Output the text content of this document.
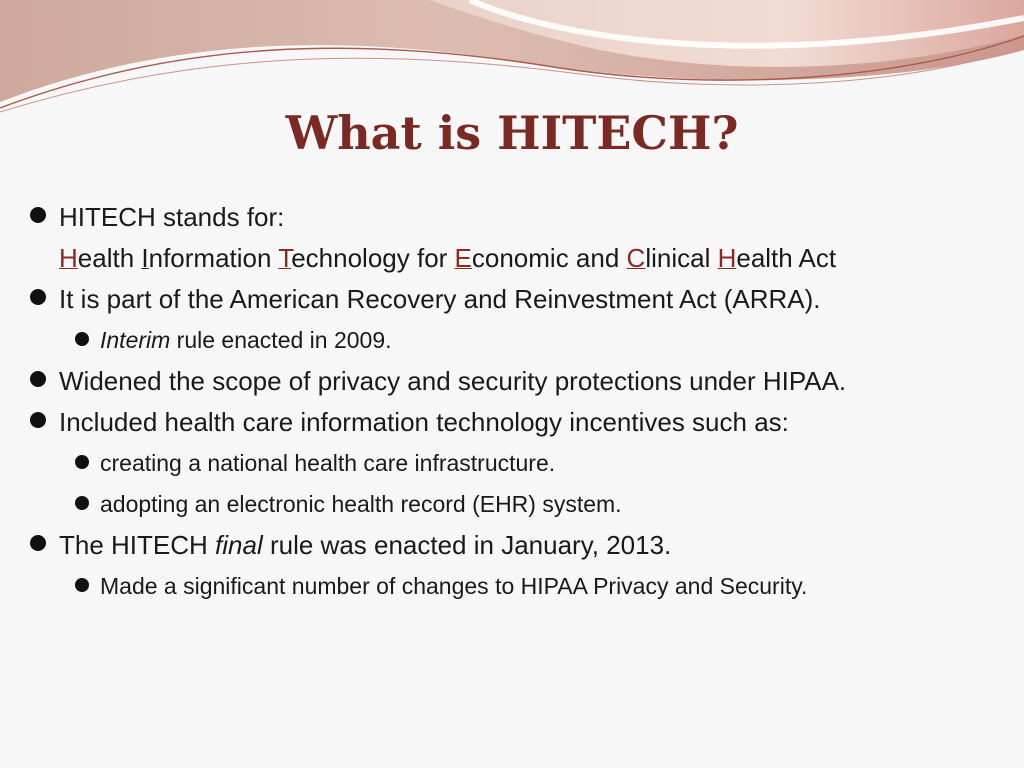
What is HITECH?
HITECH stands for:
Health Information Technology for Economic and Clinical Health Act
It is part of the American Recovery and Reinvestment Act (ARRA).
Interim rule enacted in 2009.
Widened the scope of privacy and security protections under HIPAA.
Included health care information technology incentives such as:
creating a national health care infrastructure.
adopting an electronic health record (EHR) system.
The HITECH final rule was enacted in January, 2013.
Made a significant number of changes to HIPAA Privacy and Security.
